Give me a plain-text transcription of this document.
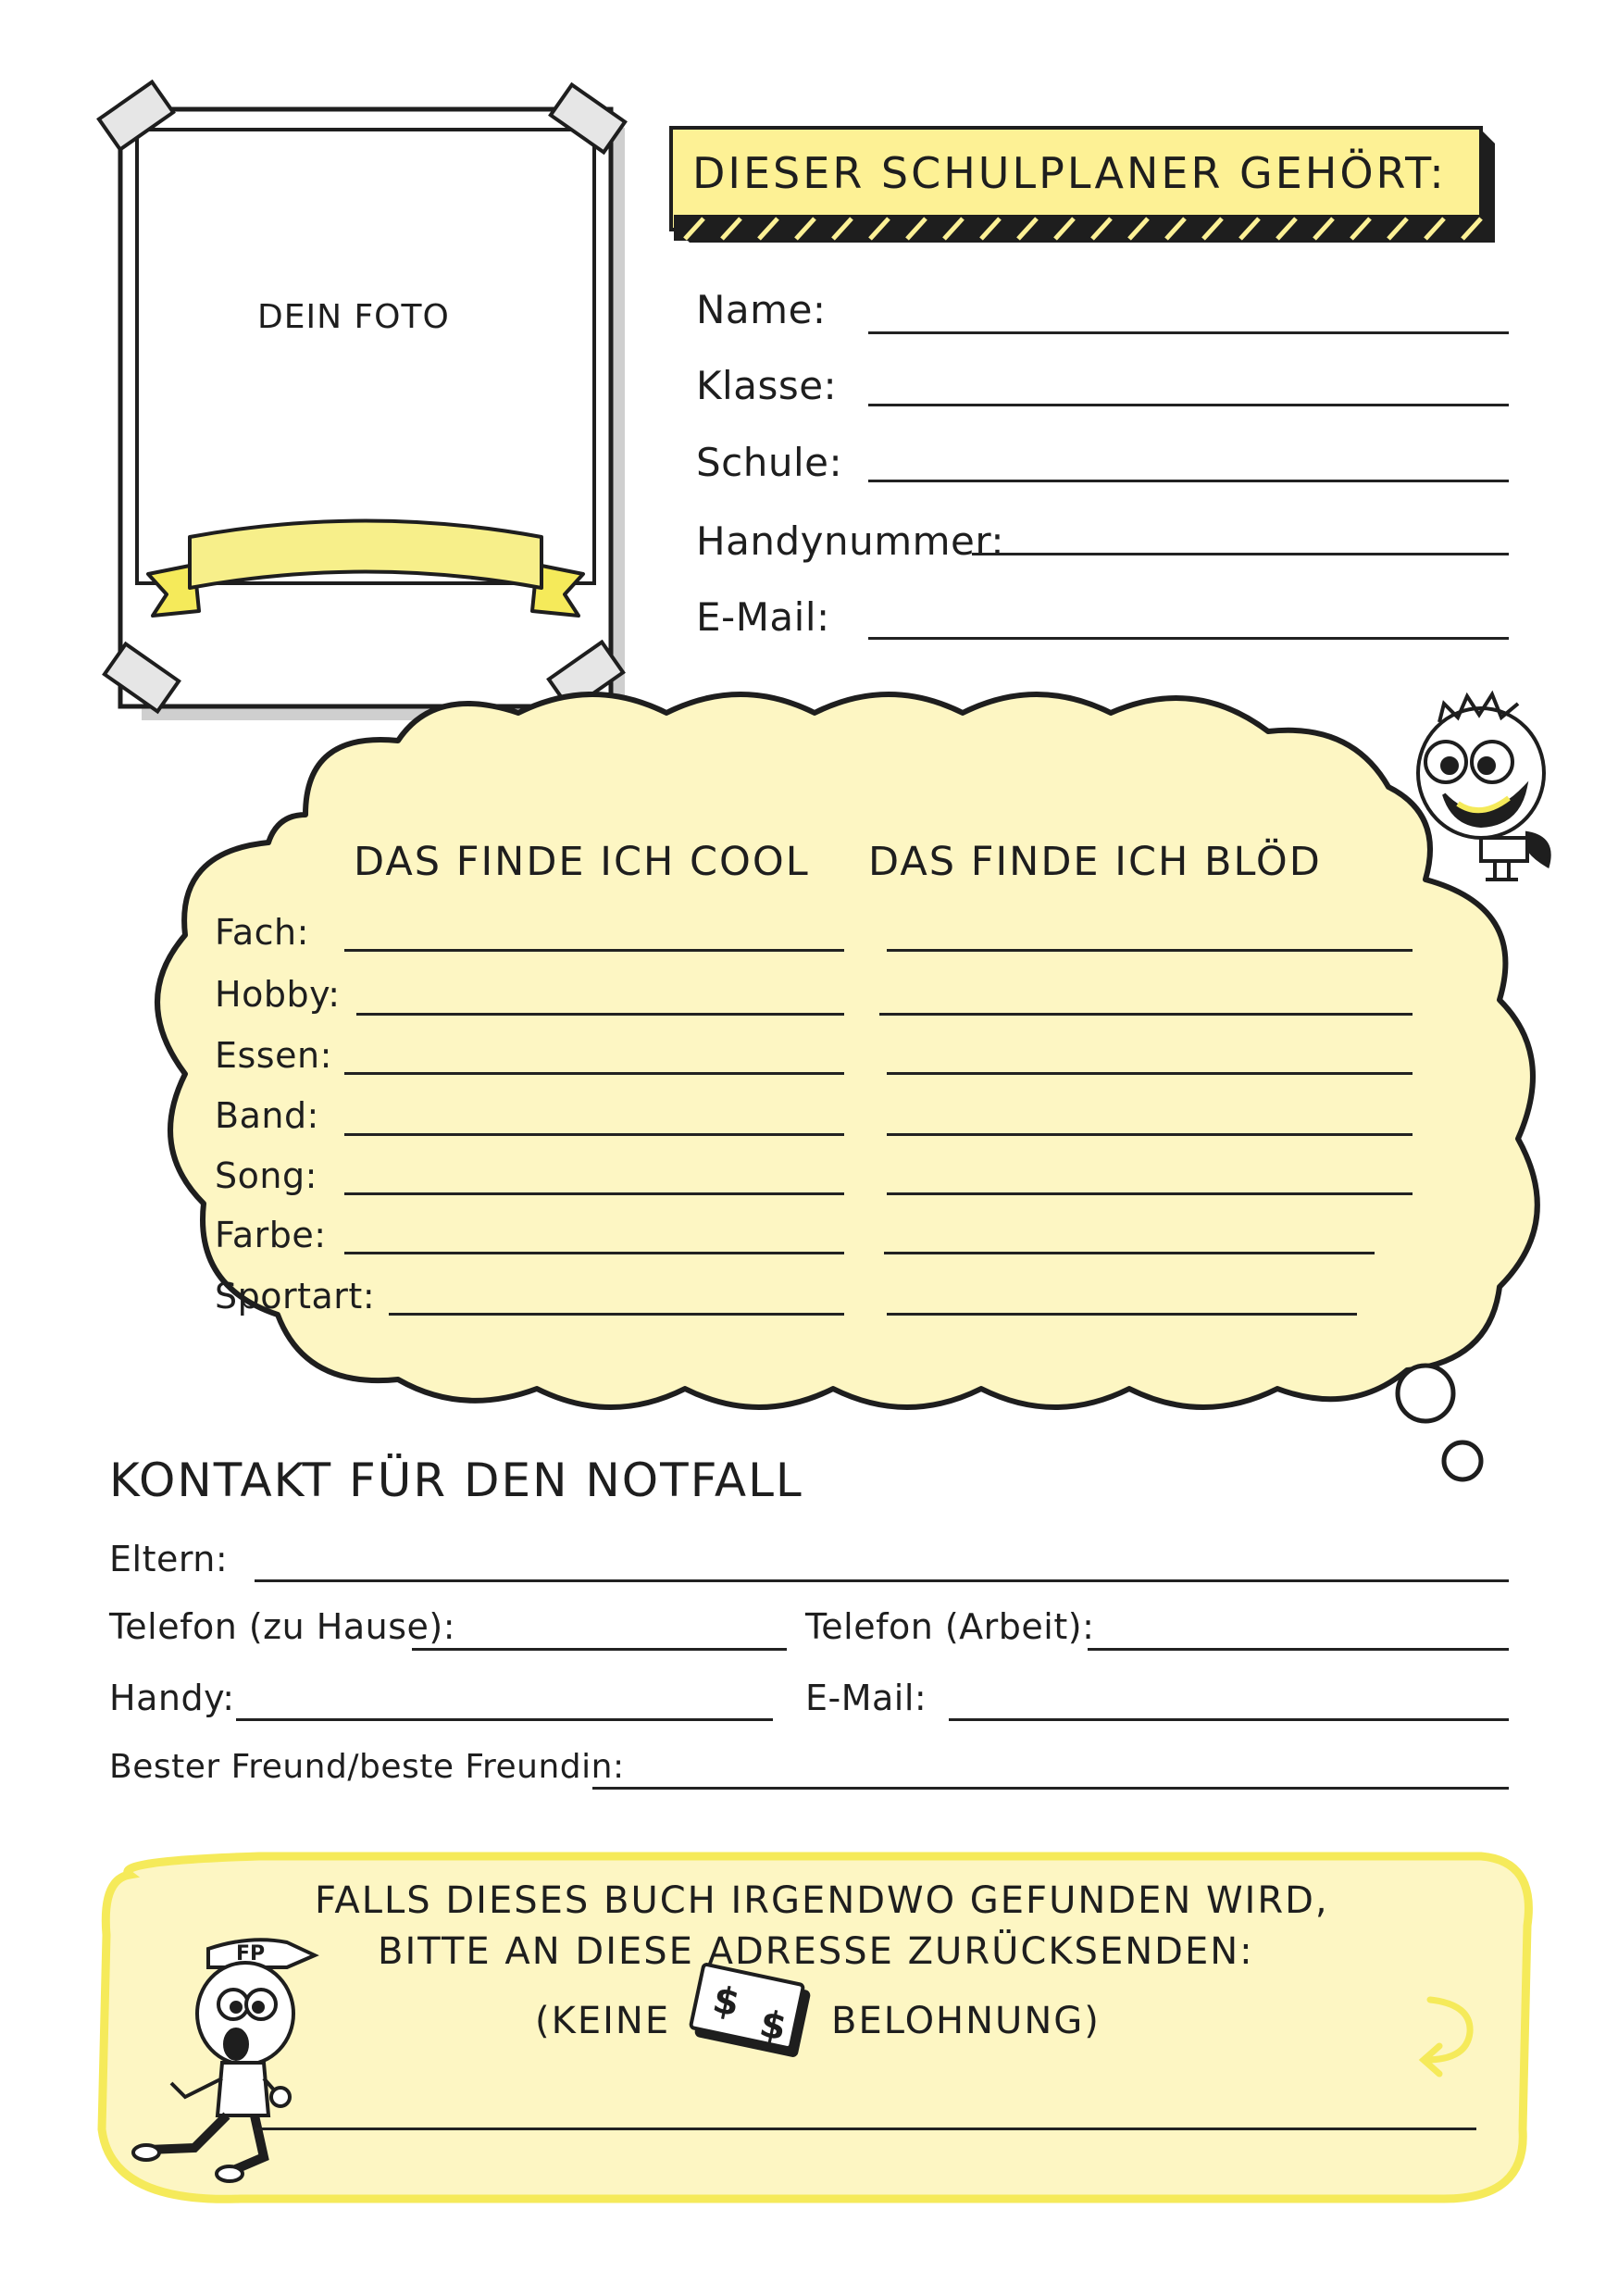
$
$
DEIN FOTO
DIESER SCHULPLANER GEHÖRT:
Name:
Klasse:
Schule:
Handynummer:
E-Mail:
DAS FINDE ICH COOL DAS FINDE ICH BLÖD
Fach:
Hobby:
Essen:
Band:
Song:
Farbe:
Sportart:
KONTAKT FÜR DEN NOTFALL
Eltern:
Telefon (zu Hause):	Telefon (Arbeit):
Handy:	E-Mail:
Bester Freund/beste Freundin:
FALLS DIESES BUCH IRGENDWO GEFUNDEN WIRD,
BITTE AN DIESE ADRESSE ZURÜCKSENDEN:
(KEINE	BELOHNUNG)
FP
